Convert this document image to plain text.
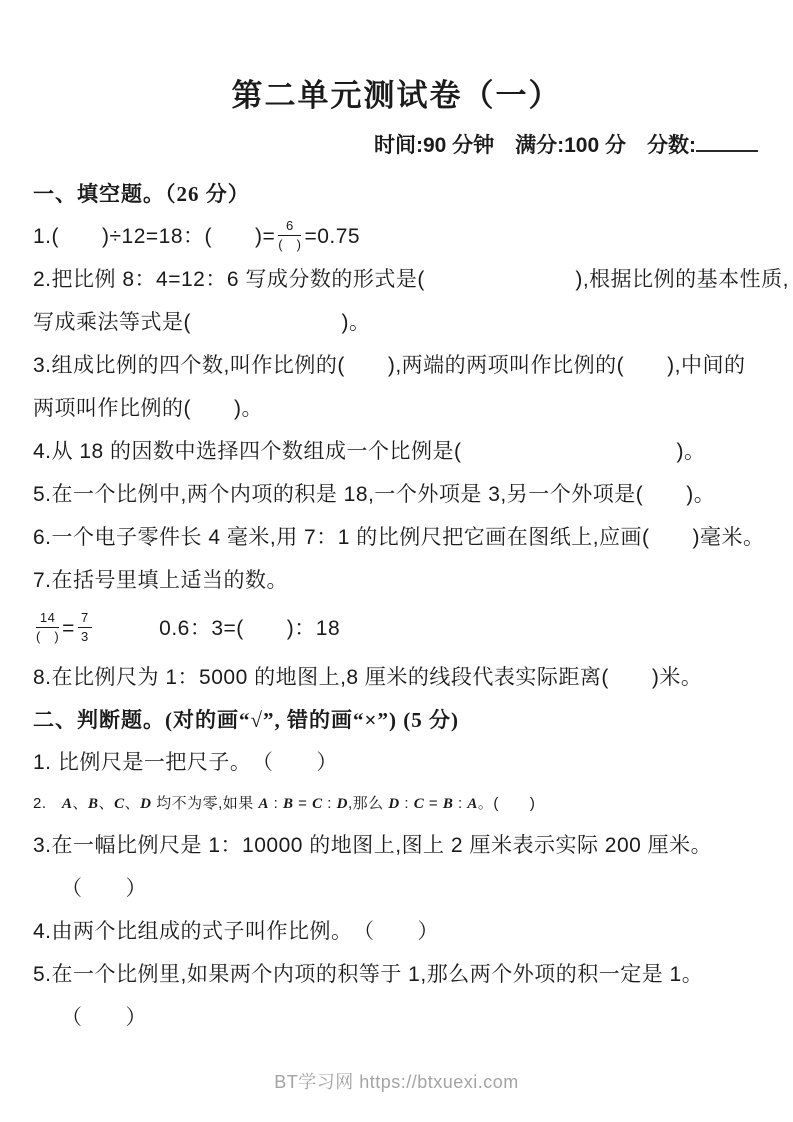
第二单元测试卷（一）
时间:90 分钟　满分:100 分　分数:
一、填空题。（26 分）
1.(　　)÷12=18：(　　)= $\frac{6}{( )} =0.75$
2.把比例 8：4=12：6 写成分数的形式是(　　　　　　　),根据比例的基本性质,
写成乘法等式是(　　　　　　　)。
3.组成比例的四个数,叫作比例的(　　),两端的两项叫作比例的(　　),中间的
两项叫作比例的(　　)。
4.从 18 的因数中选择四个数组成一个比例是(　　　　　　　　　　)。
5.在一个比例中,两个内项的积是 18,一个外项是 3,另一个外项是(　　)。
6.一个电子零件长 4 毫米,用 7：1 的比例尺把它画在图纸上,应画(　　)毫米。
7.在括号里填上适当的数。
$\frac{14}{( )} = \frac{7}{3}$ 　　　0.6：3=(　　)：18
8.在比例尺为 1：5000 的地图上,8 厘米的线段代表实际距离(　　)米。
二、判断题。(对的画“√”, 错的画“×”) (5 分)
1. 比例尺是一把尺子。　（　　）
2.　A、B、C、D 均不为零,如果 A : B = C : D,那么 D : C = B : A。(　　)
3.在一幅比例尺是 1：10000 的地图上,图上 2 厘米表示实际 200 厘米。
（　　）
4.由两个比组成的式子叫作比例。　（　　）
5.在一个比例里,如果两个内项的积等于 1,那么两个外项的积一定是 1。
（　　）
BT学习网 https://btxuexi.com
